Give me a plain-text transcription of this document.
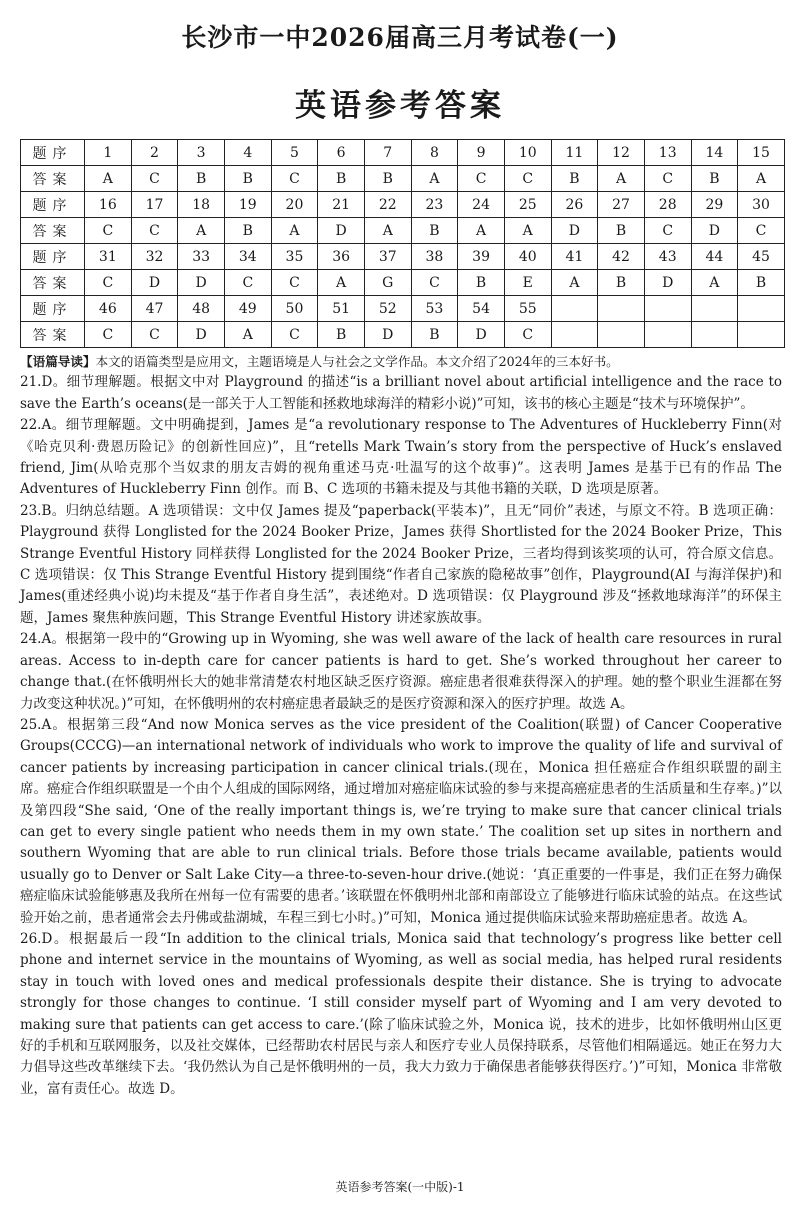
长沙市一中2026届高三月考试卷(一)
英语参考答案
题序	1	2	3	4	5	6	7	8	9	10	11	12	13	14	15
答案	A	C	B	B	C	B	B	A	C	C	B	A	C	B	A
题序	16	17	18	19	20	21	22	23	24	25	26	27	28	29	30
答案	C	C	A	B	A	D	A	B	A	A	D	B	C	D	C
题序	31	32	33	34	35	36	37	38	39	40	41	42	43	44	45
答案	C	D	D	C	C	A	G	C	B	E	A	B	D	A	B
题序	46	47	48	49	50	51	52	53	54	55					
答案	C	C	D	A	C	B	D	B	D	C					

【语篇导读】本文的语篇类型是应用文，主题语境是人与社会之文学作品。本文介绍了2024年的三本好书。

21.D。细节理解题。根据文中对 Playground 的描述“is a brilliant novel about artificial intelligence and the race to save the Earth’s oceans(是一部关于人工智能和拯救地球海洋的精彩小说)”可知，该书的核心主题是“技术与环境保护”。

22.A。细节理解题。文中明确提到，James 是“a revolutionary response to The Adventures of Huckleberry Finn(对《哈克贝利·费恩历险记》的创新性回应)”，且“retells Mark Twain’s story from the perspective of Huck’s enslaved friend, Jim(从哈克那个当奴隶的朋友吉姆的视角重述马克·吐温写的这个故事)”。这表明 James 是基于已有的作品 The Adventures of Huckleberry Finn 创作。而 B、C 选项的书籍未提及与其他书籍的关联，D 选项是原著。

23.B。归纳总结题。A 选项错误：文中仅 James 提及“paperback(平装本)”，且无“同价”表述，与原文不符。B 选项正确：Playground 获得 Longlisted for the 2024 Booker Prize，James 获得 Shortlisted for the 2024 Booker Prize，This Strange Eventful History 同样获得 Longlisted for the 2024 Booker Prize，三者均得到该奖项的认可，符合原文信息。C 选项错误：仅 This Strange Eventful History 提到围绕“作者自己家族的隐秘故事”创作，Playground(AI 与海洋保护)和 James(重述经典小说)均未提及“基于作者自身生活”，表述绝对。D 选项错误：仅 Playground 涉及“拯救地球海洋”的环保主题，James 聚焦种族问题，This Strange Eventful History 讲述家族故事。

24.A。根据第一段中的“Growing up in Wyoming, she was well aware of the lack of health care resources in rural areas. Access to in-depth care for cancer patients is hard to get. She’s worked throughout her career to change that.(在怀俄明州长大的她非常清楚农村地区缺乏医疗资源。癌症患者很难获得深入的护理。她的整个职业生涯都在努力改变这种状况。)”可知，在怀俄明州的农村癌症患者最缺乏的是医疗资源和深入的医疗护理。故选 A。

25.A。根据第三段“And now Monica serves as the vice president of the Coalition(联盟) of Cancer Cooperative Groups(CCCG)—an international network of individuals who work to improve the quality of life and survival of cancer patients by increasing participation in cancer clinical trials.(现在，Monica 担任癌症合作组织联盟的副主席。癌症合作组织联盟是一个由个人组成的国际网络，通过增加对癌症临床试验的参与来提高癌症患者的生活质量和生存率。)”以及第四段“She said, ‘One of the really important things is, we’re trying to make sure that cancer clinical trials can get to every single patient who needs them in my own state.’ The coalition set up sites in northern and southern Wyoming that are able to run clinical trials. Before those trials became available, patients would usually go to Denver or Salt Lake City—a three-to-seven-hour drive.(她说：‘真正重要的一件事是，我们正在努力确保癌症临床试验能够惠及我所在州每一位有需要的患者。’该联盟在怀俄明州北部和南部设立了能够进行临床试验的站点。在这些试验开始之前，患者通常会去丹佛或盐湖城，车程三到七小时。)”可知，Monica 通过提供临床试验来帮助癌症患者。故选 A。

26.D。根据最后一段“In addition to the clinical trials, Monica said that technology’s progress like better cell phone and internet service in the mountains of Wyoming, as well as social media, has helped rural residents stay in touch with loved ones and medical professionals despite their distance. She is trying to advocate strongly for those changes to continue. ‘I still consider myself part of Wyoming and I am very devoted to making sure that patients can get access to care.’(除了临床试验之外，Monica 说，技术的进步，比如怀俄明州山区更好的手机和互联网服务，以及社交媒体，已经帮助农村居民与亲人和医疗专业人员保持联系，尽管他们相隔遥远。她正在努力大力倡导这些改革继续下去。‘我仍然认为自己是怀俄明州的一员，我大力致力于确保患者能够获得医疗。’)”可知，Monica 非常敬业，富有责任心。故选 D。

英语参考答案(一中版)-1
